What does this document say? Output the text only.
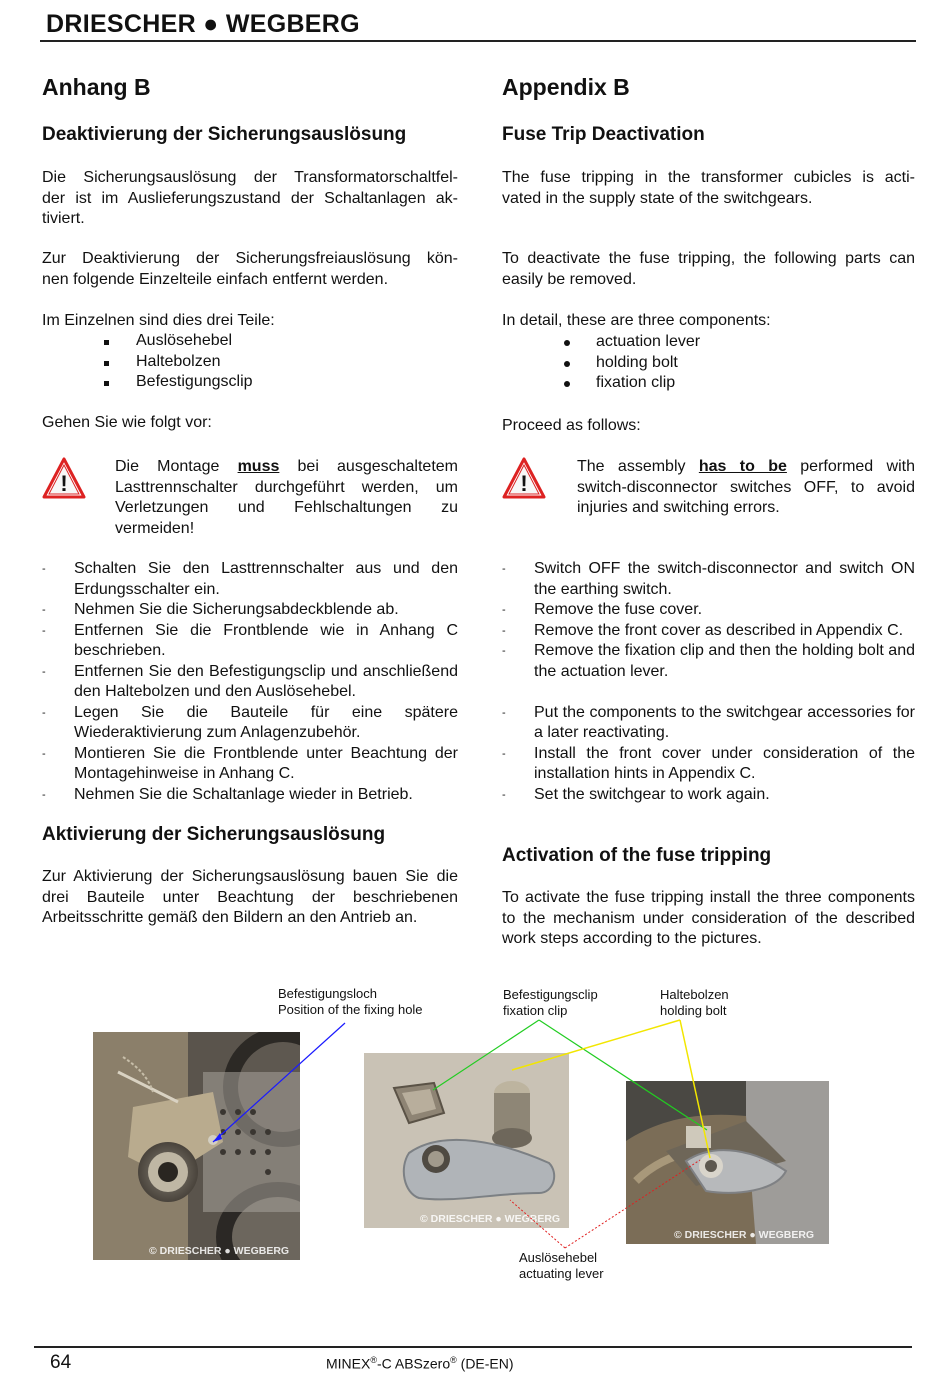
DRIESCHER ● WEGBERG
Anhang B
Deaktivierung der Sicherungsauslösung
Die Sicherungsauslösung der Transformatorschaltfel-
der ist im Auslieferungszustand der Schaltanlagen ak-
tiviert.
Zur Deaktivierung der Sicherungsfreiauslösung kön-
nen folgende Einzelteile einfach entfernt werden.

Im Einzelnen sind dies drei Teile:

Auslösehebel
Haltebolzen
Befestigungsclip

Gehen Sie wie folgt vor:

!

Die Montage muss bei ausgeschaltetem Lasttrennschalter durchgeführt werden, um Verletzungen und Fehlschaltungen zu vermeiden!

- Schalten Sie den Lasttrennschalter aus und den Erdungsschalter ein.
- Nehmen Sie die Sicherungsabdeckblende ab.
- Entfernen Sie die Frontblende wie in Anhang C beschrieben.
- Entfernen Sie den Befestigungsclip und anschließend den Haltebolzen und den Auslösehebel.
- Legen Sie die Bauteile für eine spätere Wiederaktivierung zum Anlagenzubehör.
- Montieren Sie die Frontblende unter Beachtung der Montagehinweise in Anhang C.
- Nehmen Sie die Schaltanlage wieder in Betrieb.
Aktivierung der Sicherungsauslösung

Zur Aktivierung der Sicherungsauslösung bauen Sie die drei Bauteile unter Beachtung der beschriebenen Arbeitsschritte gemäß den Bildern an den Antrieb an.

Appendix B
Fuse Trip Deactivation
The fuse tripping in the transformer cubicles is acti-
vated in the supply state of the switchgears.

To deactivate the fuse tripping, the following parts can easily be removed.

In detail, these are three components:

actuation lever
holding bolt
fixation clip

Proceed as follows:

!

The assembly has to be performed with switch-disconnector switches OFF, to avoid injuries and switching errors.

- Switch OFF the switch-disconnector and switch ON the earthing switch.
- Remove the fuse cover.
- Remove the front cover as described in Appendix C.
- Remove the fixation clip and then the holding bolt and the actuation lever.
- Put the components to the switchgear accessories for a later reactivating.
- Install the front cover under consideration of the installation hints in Appendix C.
- Set the switchgear to work again.
Activation of the fuse tripping

To activate the fuse tripping install the three components to the mechanism under consideration of the described work steps according to the pictures.

© DRIESCHER ● WEGBERG
© DRIESCHER ● WEGBERG
© DRIESCHER ● WEGBERG

Befestigungsloch
Position of the fixing hole

Befestigungsclip
fixation clip

Haltebolzen
holding bolt

Auslösehebel
actuating lever

64	MINEX®-C ABSzero® (DE-EN)
